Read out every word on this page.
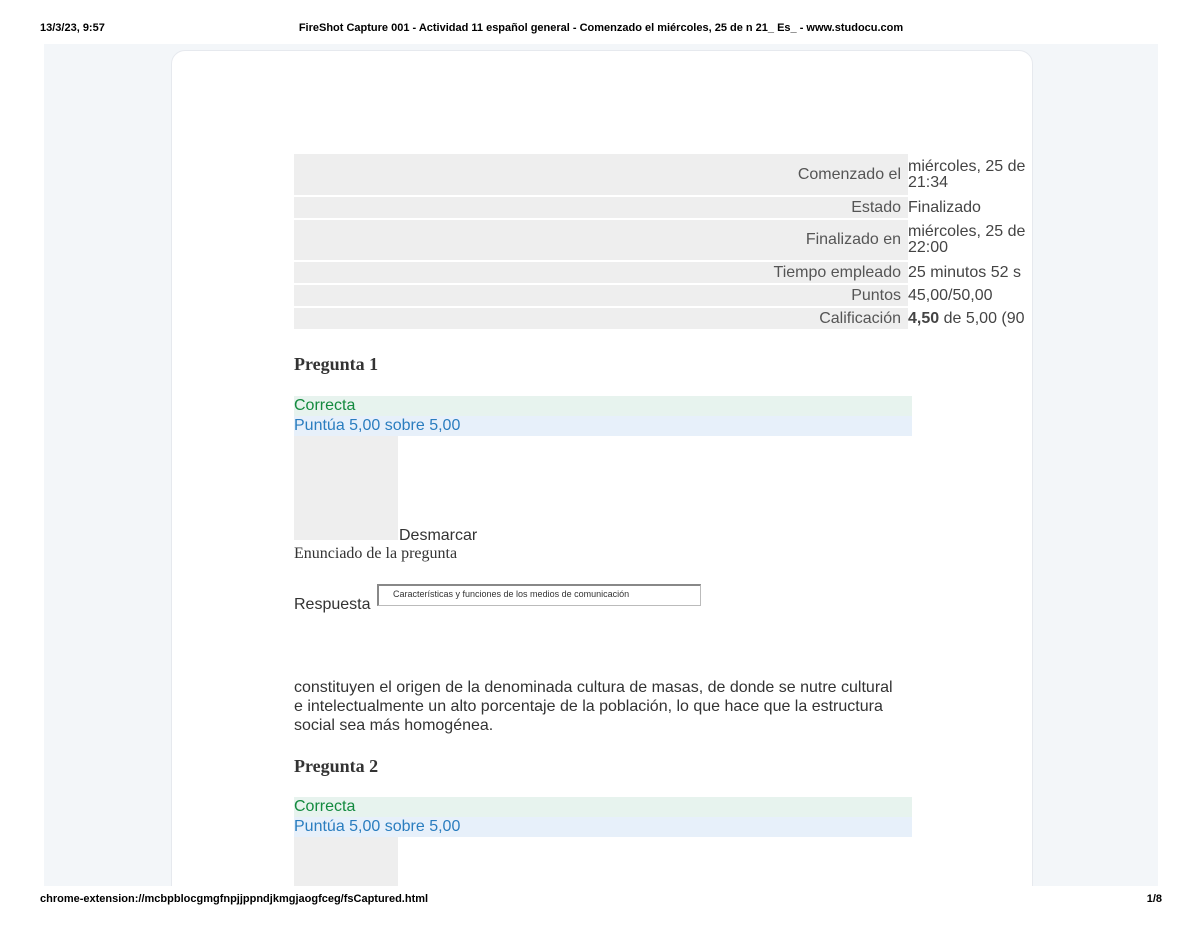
13/3/23, 9:57	FireShot Capture 001 - Actividad 11 español general - Comenzado el miércoles, 25 de n 21_ Es_ - www.studocu.com
Comenzado el	miércoles, 25 de
21:34

Estado	Finalizado
Finalizado en	miércoles, 25 de
22:00

Tiempo empleado	25 minutos 52 s
Puntos	45,00/50,00
Calificación	4,50 de 5,00 (90
Pregunta 1
Correcta
Puntúa 5,00 sobre 5,00
Desmarcar
Enunciado de la pregunta
Respuesta
Características y funciones de los medios de comunicación
constituyen el origen de la denominada cultura de masas, de donde se nutre cultural e intelectualmente un alto porcentaje de la población, lo que hace que la estructura social sea más homogénea.
Pregunta 2
Correcta
Puntúa 5,00 sobre 5,00
chrome-extension://mcbpblocgmgfnpjjppndjkmgjaogfceg/fsCaptured.html	1/8
